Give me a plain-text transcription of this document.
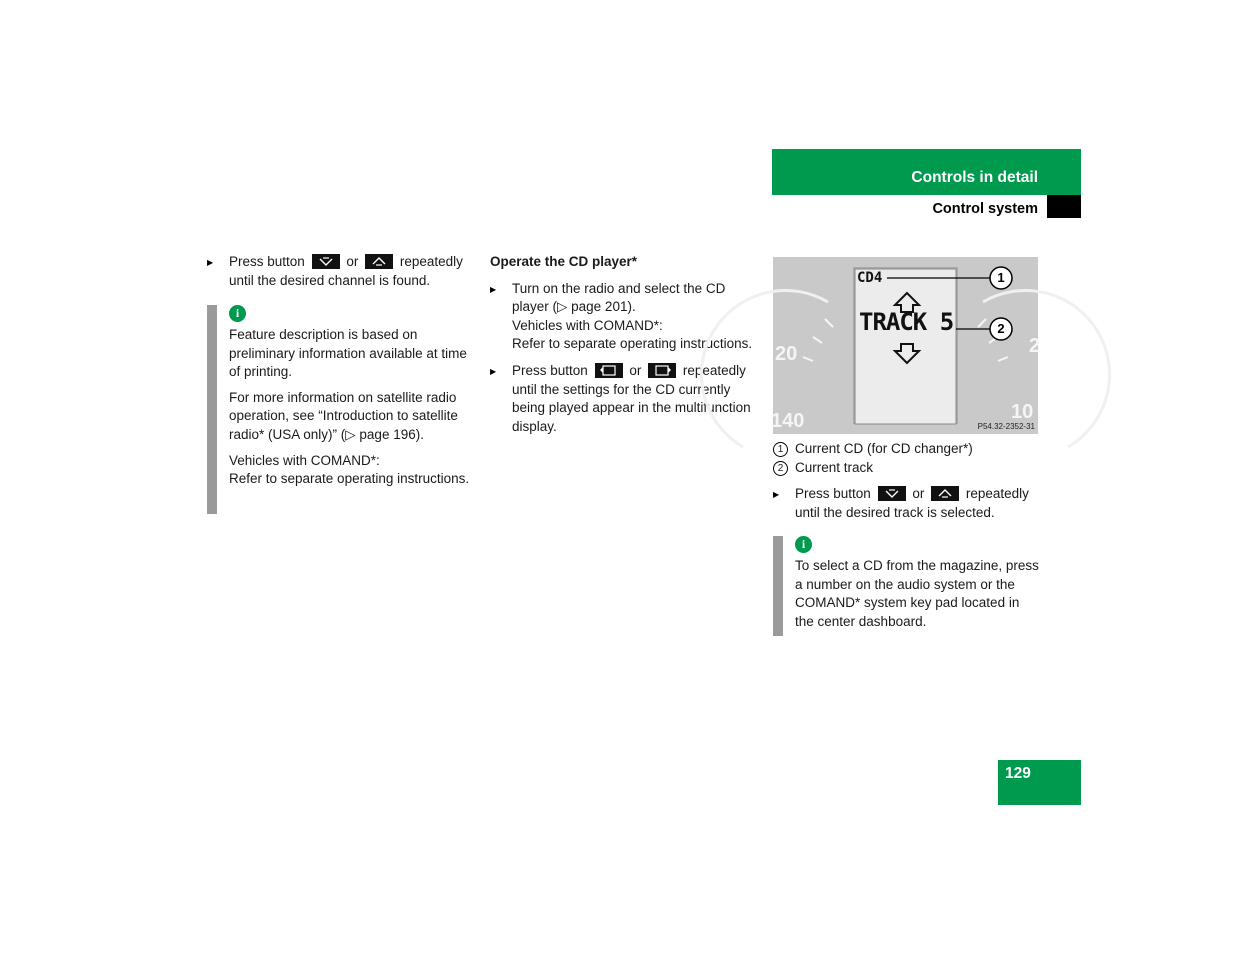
Controls in detail
Control system

▶ Press button	or	repeatedly until the desired channel is found.

i

Feature description is based on preliminary information available at time of printing.

For more information on satellite radio operation, see “Introduction to satellite radio* (USA only)” (▷ page 196).

Vehicles with COMAND*:
Refer to separate operating instructions.

Operate the CD player*

▶ Turn on the radio and select the CD player (▷ page 201).
Vehicles with COMAND*:
Refer to separate operating instructions.

▶ Press button	or	repeatedly until the settings for the CD currently being played appear in the multifunction display.

CD4
TRACK 5
1
2
20
140
2
10
P54.32-2352-31
1 Current CD (for CD changer*)
2 Current track

▶ Press button	or	repeatedly until the desired track is selected.

i

To select a CD from the magazine, press a number on the audio system or the COMAND* system key pad located in the center dashboard.

129
